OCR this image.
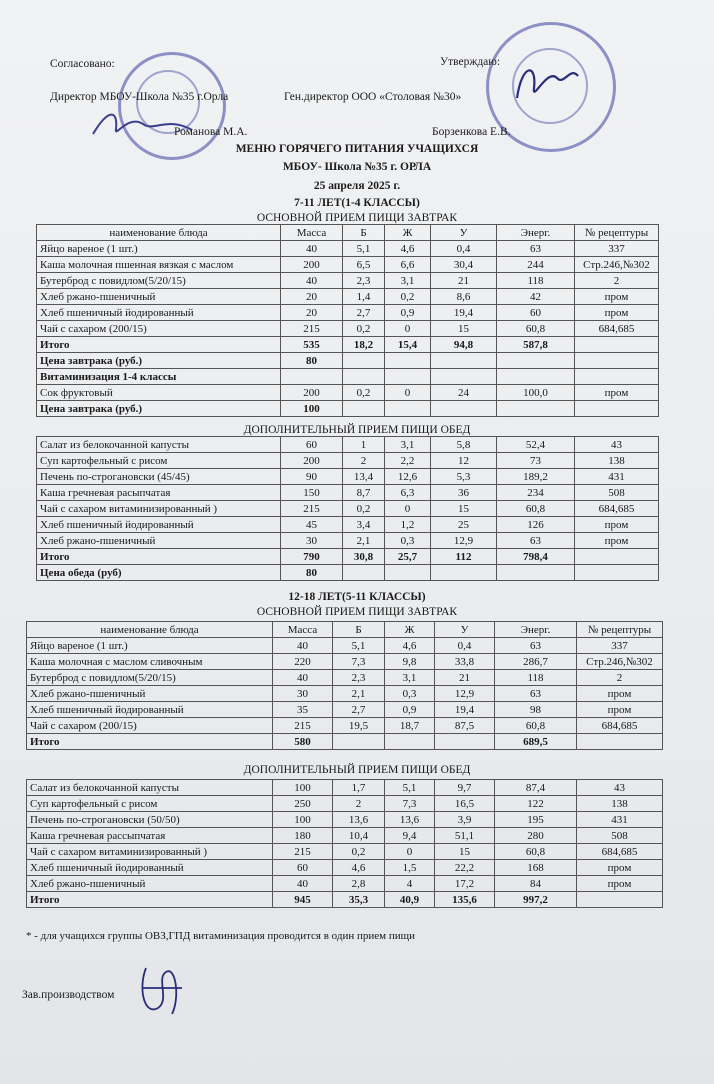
Согласовано:
Директор МБОУ-Школа №35 г.Орла
Романова М.А.
Утверждаю:
Ген.директор ООО «Столовая №30»
Борзенкова Е.В.
МЕНЮ ГОРЯЧЕГО ПИТАНИЯ УЧАЩИХСЯ
МБОУ- Школа №35 г. ОРЛА
25 апреля 2025 г.
7-11 ЛЕТ(1-4 КЛАССЫ)
ОСНОВНОЙ ПРИЕМ ПИЩИ ЗАВТРАК
наименование блюда	Масса	Б	Ж	У	Энерг.	№ рецептуры
Яйцо вареное (1 шт.)	40	5,1	4,6	0,4	63	337
Каша молочная пшенная вязкая с маслом	200	6,5	6,6	30,4	244	Стр.246,№302
Бутерброд с повидлом(5/20/15)	40	2,3	3,1	21	118	2
Хлеб ржано-пшеничный	20	1,4	0,2	8,6	42	пром
Хлеб пшеничный йодированный	20	2,7	0,9	19,4	60	пром
Чай с сахаром (200/15)	215	0,2	0	15	60,8	684,685
Итого	535	18,2	15,4	94,8	587,8	
Цена завтрака (руб.)	80					
Витаминизация 1-4 классы						
Сок фруктовый	200	0,2	0	24	100,0	пром
Цена завтрака (руб.)	100					
ДОПОЛНИТЕЛЬНЫЙ ПРИЕМ ПИЩИ ОБЕД
Салат из белокочанной капусты	60	1	3,1	5,8	52,4	43
Суп картофельный с рисом	200	2	2,2	12	73	138
Печень по-строгановски (45/45)	90	13,4	12,6	5,3	189,2	431
Каша гречневая расыпчатая	150	8,7	6,3	36	234	508
Чай с сахаром витаминизированный )	215	0,2	0	15	60,8	684,685
Хлеб пшеничный йодированный	45	3,4	1,2	25	126	пром
Хлеб ржано-пшеничный	30	2,1	0,3	12,9	63	пром
Итого	790	30,8	25,7	112	798,4	
Цена обеда (руб)	80					
12-18 ЛЕТ(5-11 КЛАССЫ)
ОСНОВНОЙ ПРИЕМ ПИЩИ ЗАВТРАК
наименование блюда	Масса	Б	Ж	У	Энерг.	№ рецептуры
Яйцо вареное (1 шт.)	40	5,1	4,6	0,4	63	337
Каша молочная с маслом сливочным	220	7,3	9,8	33,8	286,7	Стр.246,№302
Бутерброд с повидлом(5/20/15)	40	2,3	3,1	21	118	2
Хлеб ржано-пшеничный	30	2,1	0,3	12,9	63	пром
Хлеб пшеничный йодированный	35	2,7	0,9	19,4	98	пром
Чай с сахаром (200/15)	215	19,5	18,7	87,5	60,8	684,685
Итого	580				689,5	
ДОПОЛНИТЕЛЬНЫЙ ПРИЕМ ПИЩИ ОБЕД
Салат из белокочанной капусты	100	1,7	5,1	9,7	87,4	43
Суп картофельный с рисом	250	2	7,3	16,5	122	138
Печень по-строгановски (50/50)	100	13,6	13,6	3,9	195	431
Каша гречневая рассыпчатая	180	10,4	9,4	51,1	280	508
Чай с сахаром витаминизированный )	215	0,2	0	15	60,8	684,685
Хлеб пшеничный йодированный	60	4,6	1,5	22,2	168	пром
Хлеб ржано-пшеничный	40	2,8	4	17,2	84	пром
Итого	945	35,3	40,9	135,6	997,2	
* - для учащихся группы ОВЗ,ГПД витаминизация проводится в один прием пищи
Зав.производством
